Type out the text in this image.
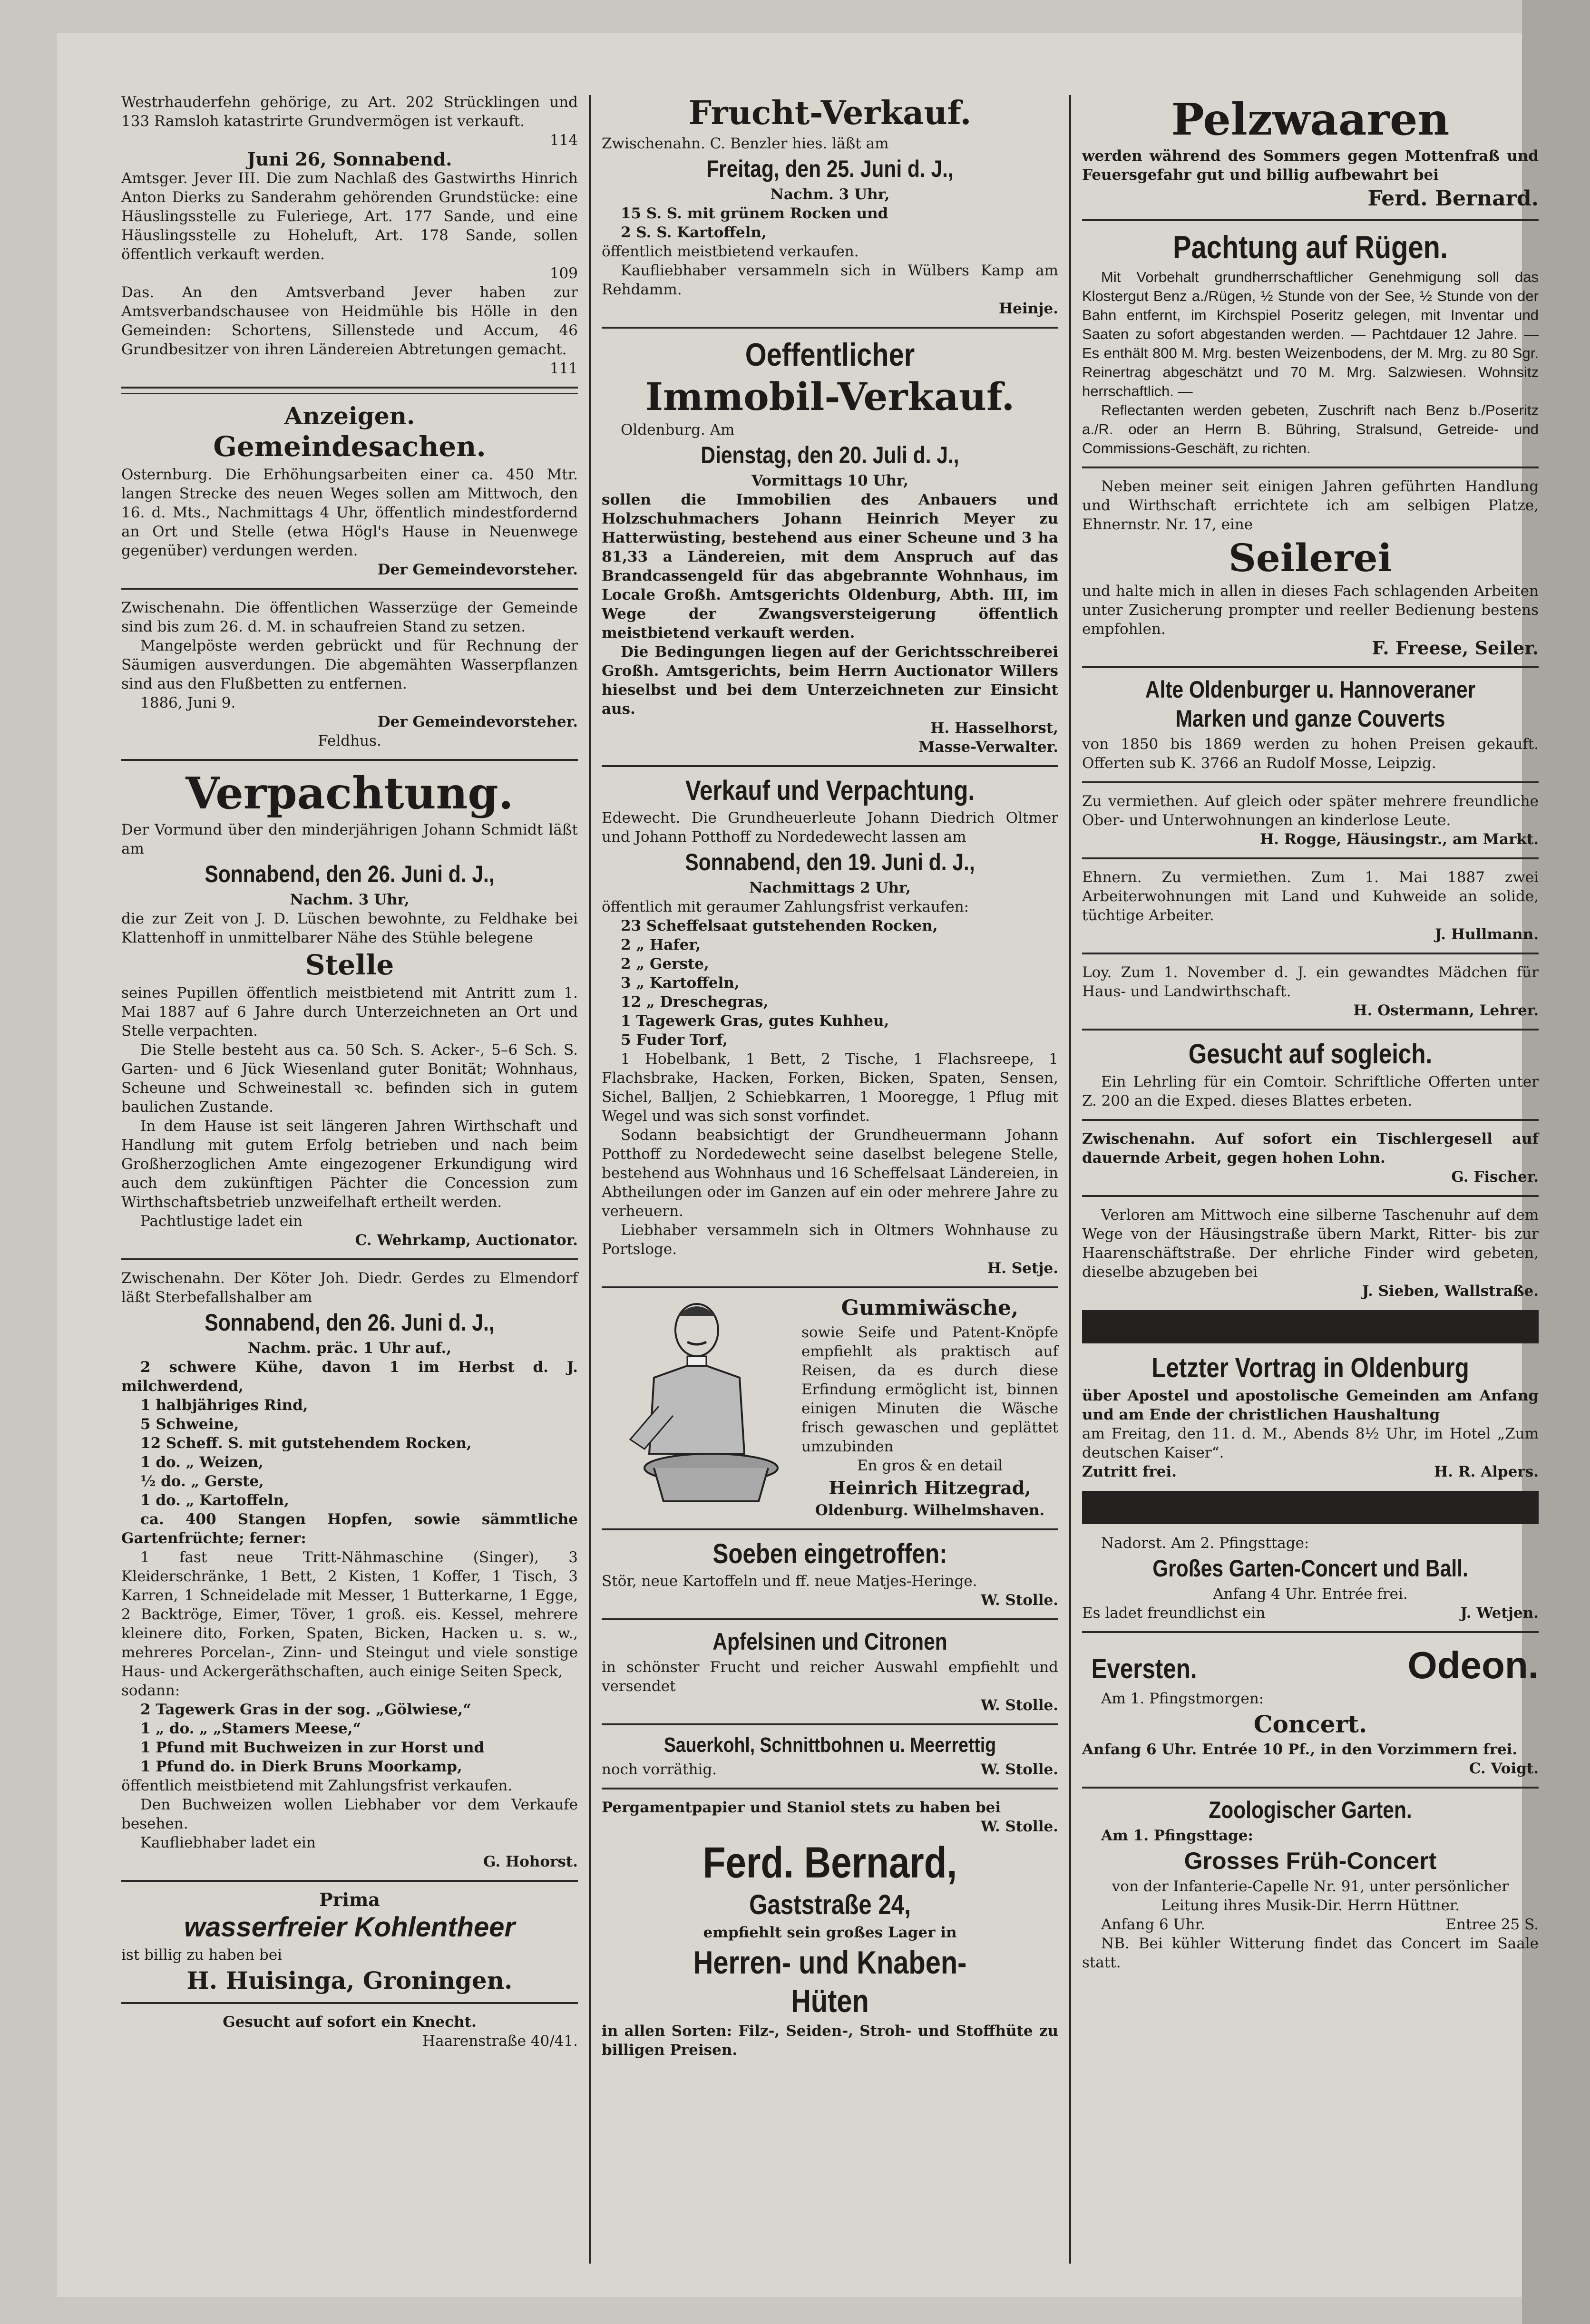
Westrhauderfehn gehörige, zu Art. 202 Strücklingen und 133 Ramsloh katastrirte Grundvermögen ist verkauft.

114

Juni 26, Sonnabend.

Amtsger. Jever III. Die zum Nachlaß des Gastwirths Hinrich Anton Dierks zu Sanderahm gehörenden Grundstücke: eine Häuslingsstelle zu Fuleriege, Art. 177 Sande, und eine Häuslingsstelle zu Hoheluft, Art. 178 Sande, sollen öffentlich verkauft werden.

109

Das. An den Amtsverband Jever haben zur Amtsverbandschausee von Heidmühle bis Hölle in den Gemeinden: Schortens, Sillenstede und Accum, 46 Grundbesitzer von ihren Ländereien Abtretungen gemacht.

111

Anzeigen.
Gemeindesachen.

Osternburg. Die Erhöhungsarbeiten einer ca. 450 Mtr. langen Strecke des neuen Weges sollen am Mittwoch, den 16. d. Mts., Nachmittags 4 Uhr, öffentlich mindestfordernd an Ort und Stelle (etwa Högl's Hause in Neuenwege gegenüber) verdungen werden.

Der Gemeindevorsteher.

Zwischenahn. Die öffentlichen Wasserzüge der Gemeinde sind bis zum 26. d. M. in schaufreien Stand zu setzen.

Mangelpöste werden gebrückt und für Rechnung der Säumigen ausverdungen. Die abgemähten Wasserpflanzen sind aus den Flußbetten zu entfernen.

1886, Juni 9.

Der Gemeindevorsteher.

Feldhus.

Verpachtung.

Der Vormund über den minderjährigen Johann Schmidt läßt am

Sonnabend, den 26. Juni d. J.,

Nachm. 3 Uhr,

die zur Zeit von J. D. Lüschen bewohnte, zu Feldhake bei Klattenhoff in unmittelbarer Nähe des Stühle belegene

Stelle

seines Pupillen öffentlich meistbietend mit Antritt zum 1. Mai 1887 auf 6 Jahre durch Unterzeichneten an Ort und Stelle verpachten.

Die Stelle besteht aus ca. 50 Sch. S. Acker-, 5–6 Sch. S. Garten- und 6 Jück Wiesenland guter Bonität; Wohnhaus, Scheune und Schweinestall ꝛc. befinden sich in gutem baulichen Zustande.

In dem Hause ist seit längeren Jahren Wirthschaft und Handlung mit gutem Erfolg betrieben und nach beim Großherzoglichen Amte eingezogener Erkundigung wird auch dem zukünftigen Pächter die Concession zum Wirthschaftsbetrieb unzweifelhaft ertheilt werden.

Pachtlustige ladet ein

C. Wehrkamp, Auctionator.

Zwischenahn. Der Köter Joh. Diedr. Gerdes zu Elmendorf läßt Sterbefallshalber am

Sonnabend, den 26. Juni d. J.,

Nachm. präc. 1 Uhr auf.,

2 schwere Kühe, davon 1 im Herbst d. J. milchwerdend,

1 halbjähriges Rind,

5 Schweine,

12 Scheff. S. mit gutstehendem Rocken,

1 do. „ Weizen,

½ do. „ Gerste,

1 do. „ Kartoffeln,

ca. 400 Stangen Hopfen, sowie sämmtliche Gartenfrüchte; ferner:

1 fast neue Tritt-Nähmaschine (Singer), 3 Kleiderschränke, 1 Bett, 2 Kisten, 1 Koffer, 1 Tisch, 3 Karren, 1 Schneidelade mit Messer, 1 Butterkarne, 1 Egge, 2 Backtröge, Eimer, Töver, 1 groß. eis. Kessel, mehrere kleinere dito, Forken, Spaten, Bicken, Hacken u. s. w., mehreres Porcelan-, Zinn- und Steingut und viele sonstige Haus- und Ackergeräthschaften, auch einige Seiten Speck,

sodann:

2 Tagewerk Gras in der sog. „Gölwiese,“

1 „ do. „ „Stamers Meese,“

1 Pfund mit Buchweizen in zur Horst und

1 Pfund do. in Dierk Bruns Moorkamp,

öffentlich meistbietend mit Zahlungsfrist verkaufen.

Den Buchweizen wollen Liebhaber vor dem Verkaufe besehen.

Kaufliebhaber ladet ein

G. Hohorst.

Prima

wasserfreier Kohlentheer

ist billig zu haben bei

H. Huisinga, Groningen.

Gesucht auf sofort ein Knecht.

Haarenstraße 40/41.

Frucht-Verkauf.

Zwischenahn. C. Benzler hies. läßt am

Freitag, den 25. Juni d. J.,

Nachm. 3 Uhr,

15 S. S. mit grünem Rocken und

2 S. S. Kartoffeln,

öffentlich meistbietend verkaufen.

Kaufliebhaber versammeln sich in Wülbers Kamp am Rehdamm.

Heinje.

Oeffentlicher
Immobil-Verkauf.

Oldenburg. Am

Dienstag, den 20. Juli d. J.,

Vormittags 10 Uhr,

sollen die Immobilien des Anbauers und Holzschuhmachers Johann Heinrich Meyer zu Hatterwüsting, bestehend aus einer Scheune und 3 ha 81,33 a Ländereien, mit dem Anspruch auf das Brandcassengeld für das abgebrannte Wohnhaus, im Locale Großh. Amtsgerichts Oldenburg, Abth. III, im Wege der Zwangsversteigerung öffentlich meistbietend verkauft werden.

Die Bedingungen liegen auf der Gerichtsschreiberei Großh. Amtsgerichts, beim Herrn Auctionator Willers hieselbst und bei dem Unterzeichneten zur Einsicht aus.

H. Hasselhorst,

Masse-Verwalter.

Verkauf und Verpachtung.

Edewecht. Die Grundheuerleute Johann Diedrich Oltmer und Johann Potthoff zu Nordedewecht lassen am

Sonnabend, den 19. Juni d. J.,

Nachmittags 2 Uhr,

öffentlich mit geraumer Zahlungsfrist verkaufen:

23 Scheffelsaat gutstehenden Rocken,

2 „ Hafer,

2 „ Gerste,

3 „ Kartoffeln,

12 „ Dreschegras,

1 Tagewerk Gras, gutes Kuhheu,

5 Fuder Torf,

1 Hobelbank, 1 Bett, 2 Tische, 1 Flachsreepe, 1 Flachsbrake, Hacken, Forken, Bicken, Spaten, Sensen, Sichel, Balljen, 2 Schiebkarren, 1 Mooregge, 1 Pflug mit Wegel und was sich sonst vorfindet.

Sodann beabsichtigt der Grundheuermann Johann Potthoff zu Nordedewecht seine daselbst belegene Stelle, bestehend aus Wohnhaus und 16 Scheffelsaat Ländereien, in Abtheilungen oder im Ganzen auf ein oder mehrere Jahre zu verheuern.

Liebhaber versammeln sich in Oltmers Wohnhause zu Portsloge.

H. Setje.

Gummiwäsche,

sowie Seife und Patent-Knöpfe empfiehlt als praktisch auf Reisen, da es durch diese Erfindung ermöglicht ist, binnen einigen Minuten die Wäsche frisch gewaschen und geplättet umzubinden

En gros & en detail

Heinrich Hitzegrad,

Oldenburg. Wilhelmshaven.

Soeben eingetroffen:

Stör, neue Kartoffeln und ff. neue Matjes-Heringe.

W. Stolle.

Apfelsinen und Citronen

in schönster Frucht und reicher Auswahl empfiehlt und versendet

W. Stolle.

Sauerkohl, Schnittbohnen u. Meerrettig

noch vorräthig.	W. Stolle.

Pergamentpapier und Staniol stets zu haben bei

W. Stolle.

Ferd. Bernard,
Gaststraße 24,

empfiehlt sein großes Lager in

Herren- und Knaben-
Hüten

in allen Sorten: Filz-, Seiden-, Stroh- und Stoffhüte zu billigen Preisen.

Pelzwaaren

werden während des Sommers gegen Mottenfraß und Feuersgefahr gut und billig aufbewahrt bei

Ferd. Bernard.
Pachtung auf Rügen.

Mit Vorbehalt grundherrschaftlicher Genehmigung soll das Klostergut Benz a./Rügen, ½ Stunde von der See, ½ Stunde von der Bahn entfernt, im Kirchspiel Poseritz gelegen, mit Inventar und Saaten zu sofort abgestanden werden. — Pachtdauer 12 Jahre. — Es enthält 800 M. Mrg. besten Weizenbodens, der M. Mrg. zu 80 Sgr. Reinertrag abgeschätzt und 70 M. Mrg. Salzwiesen. Wohnsitz herrschaftlich. —

Reflectanten werden gebeten, Zuschrift nach Benz b./Poseritz a./R. oder an Herrn B. Bühring, Stralsund, Getreide- und Commissions-Geschäft, zu richten.

Neben meiner seit einigen Jahren geführten Handlung und Wirthschaft errichtete ich am selbigen Platze, Ehnernstr. Nr. 17, eine

Seilerei

und halte mich in allen in dieses Fach schlagenden Arbeiten unter Zusicherung prompter und reeller Bedienung bestens empfohlen.

F. Freese, Seiler.

Alte Oldenburger u. Hannoveraner
Marken und ganze Couverts

von 1850 bis 1869 werden zu hohen Preisen gekauft. Offerten sub K. 3766 an Rudolf Mosse, Leipzig.

Zu vermiethen. Auf gleich oder später mehrere freundliche Ober- und Unterwohnungen an kinderlose Leute.

H. Rogge, Häusingstr., am Markt.

Ehnern. Zu vermiethen. Zum 1. Mai 1887 zwei Arbeiterwohnungen mit Land und Kuhweide an solide, tüchtige Arbeiter.

J. Hullmann.

Loy. Zum 1. November d. J. ein gewandtes Mädchen für Haus- und Landwirthschaft.

H. Ostermann, Lehrer.

Gesucht auf sogleich.

Ein Lehrling für ein Comtoir. Schriftliche Offerten unter Z. 200 an die Exped. dieses Blattes erbeten.

Zwischenahn. Auf sofort ein Tischlergesell auf dauernde Arbeit, gegen hohen Lohn.

G. Fischer.

Verloren am Mittwoch eine silberne Taschenuhr auf dem Wege von der Häusingstraße übern Markt, Ritter- bis zur Haarenschäftstraße. Der ehrliche Finder wird gebeten, dieselbe abzugeben bei

J. Sieben, Wallstraße.

Letzter Vortrag in Oldenburg

über Apostel und apostolische Gemeinden am Anfang und am Ende der christlichen Haushaltung

am Freitag, den 11. d. M., Abends 8½ Uhr, im Hotel „Zum deutschen Kaiser“.

Zutritt frei.	H. R. Alpers.

Nadorst. Am 2. Pfingsttage:

Großes Garten-Concert und Ball.

Anfang 4 Uhr. Entrée frei.

Es ladet freundlichst ein	J. Wetjen.

Eversten.	Odeon.

Am 1. Pfingstmorgen:

Concert.

Anfang 6 Uhr. Entrée 10 Pf., in den Vorzimmern frei.

C. Voigt.

Zoologischer Garten.

Am 1. Pfingsttage:

Grosses Früh-Concert

von der Infanterie-Capelle Nr. 91, unter persönlicher Leitung ihres Musik-Dir. Herrn Hüttner.

Anfang 6 Uhr.	Entree 25 S.

NB. Bei kühler Witterung findet das Concert im Saale statt.
